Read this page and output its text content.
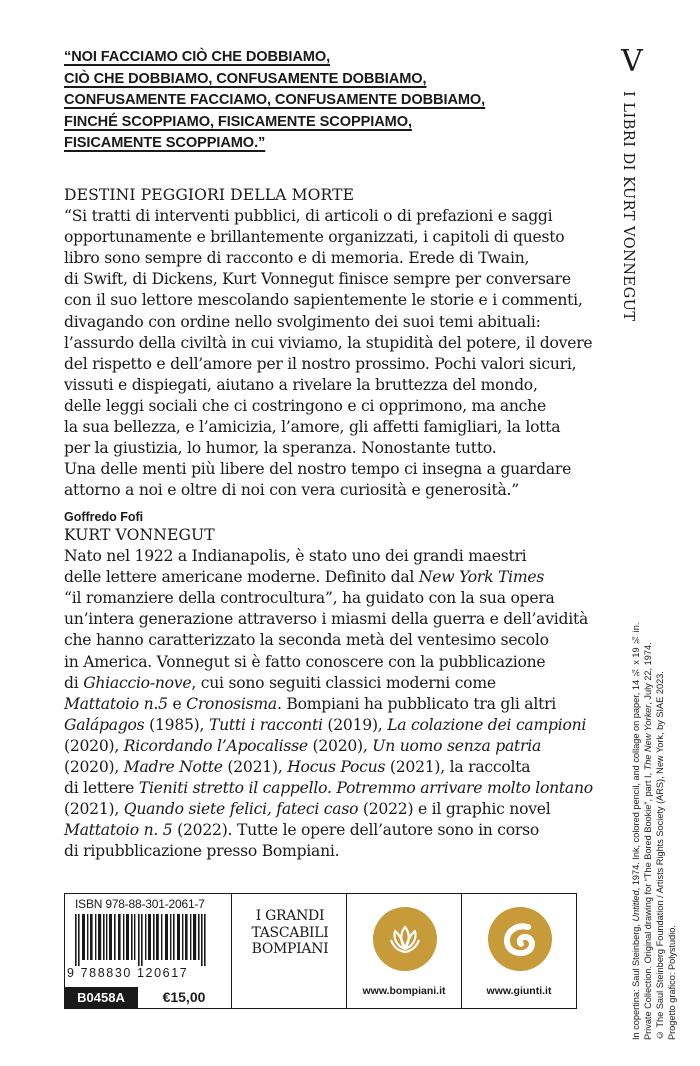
“NOI FACCIAMO CIÒ CHE DOBBIAMO,
CIÒ CHE DOBBIAMO, CONFUSAMENTE DOBBIAMO,
CONFUSAMENTE FACCIAMO, CONFUSAMENTE DOBBIAMO,
FINCHÉ SCOPPIAMO, FISICAMENTE SCOPPIAMO,
FISICAMENTE SCOPPIAMO.”
V
I LIBRI DI KURT VONNEGUT
DESTINI PEGGIORI DELLA MORTE
“Si tratti di interventi pubblici, di articoli o di prefazioni e saggi
opportunamente e brillantemente organizzati, i capitoli di questo
libro sono sempre di racconto e di memoria. Erede di Twain,
di Swift, di Dickens, Kurt Vonnegut finisce sempre per conversare
con il suo lettore mescolando sapientemente le storie e i commenti,
divagando con ordine nello svolgimento dei suoi temi abituali:
l’assurdo della civiltà in cui viviamo, la stupidità del potere, il dovere
del rispetto e dell’amore per il nostro prossimo. Pochi valori sicuri,
vissuti e dispiegati, aiutano a rivelare la bruttezza del mondo,
delle leggi sociali che ci costringono e ci opprimono, ma anche
la sua bellezza, e l’amicizia, l’amore, gli affetti famigliari, la lotta
per la giustizia, lo humor, la speranza. Nonostante tutto.
Una delle menti più libere del nostro tempo ci insegna a guardare
attorno a noi e oltre di noi con vera curiosità e generosità.”
Goffredo Fofi
KURT VONNEGUT
Nato nel 1922 a Indianapolis, è stato uno dei grandi maestri
delle lettere americane moderne. Definito dal New York Times
“il romanziere della controcultura”, ha guidato con la sua opera
un’intera generazione attraverso i miasmi della guerra e dell’avidità
che hanno caratterizzato la seconda metà del ventesimo secolo
in America. Vonnegut si è fatto conoscere con la pubblicazione
di Ghiaccio-nove, cui sono seguiti classici moderni come
Mattatoio n.5 e Cronosisma. Bompiani ha pubblicato tra gli altri
Galápagos (1985), Tutti i racconti (2019), La colazione dei campioni
(2020), Ricordando l’Apocalisse (2020), Un uomo senza patria
(2020), Madre Notte (2021), Hocus Pocus (2021), la raccolta
di lettere Tieniti stretto il cappello. Potremmo arrivare molto lontano
(2021), Quando siete felici, fateci caso (2022) e il graphic novel
Mattatoio n. 5 (2022). Tutte le opere dell’autore sono in corso
di ripubblicazione presso Bompiani.
In copertina: Saul Steinberg, Untitled, 1974. Ink, colored pencil, and collage on paper, 14 ¾ x 19 ¾ in.
Private Collection. Original drawing for “The Bored Bookie”, part I, The New Yorker, July 22, 1974. © The Saul Steinberg Foundation / Artists Rights Society (ARS), New York, by SIAE 2023. Progetto grafico: Polystudio.
ISBN 978-88-301-2061-7
9 788830 120617
B0458A	€15,00
I GRANDI
TASCABILI
BOMPIANI
www.bompiani.it	www.giunti.it
